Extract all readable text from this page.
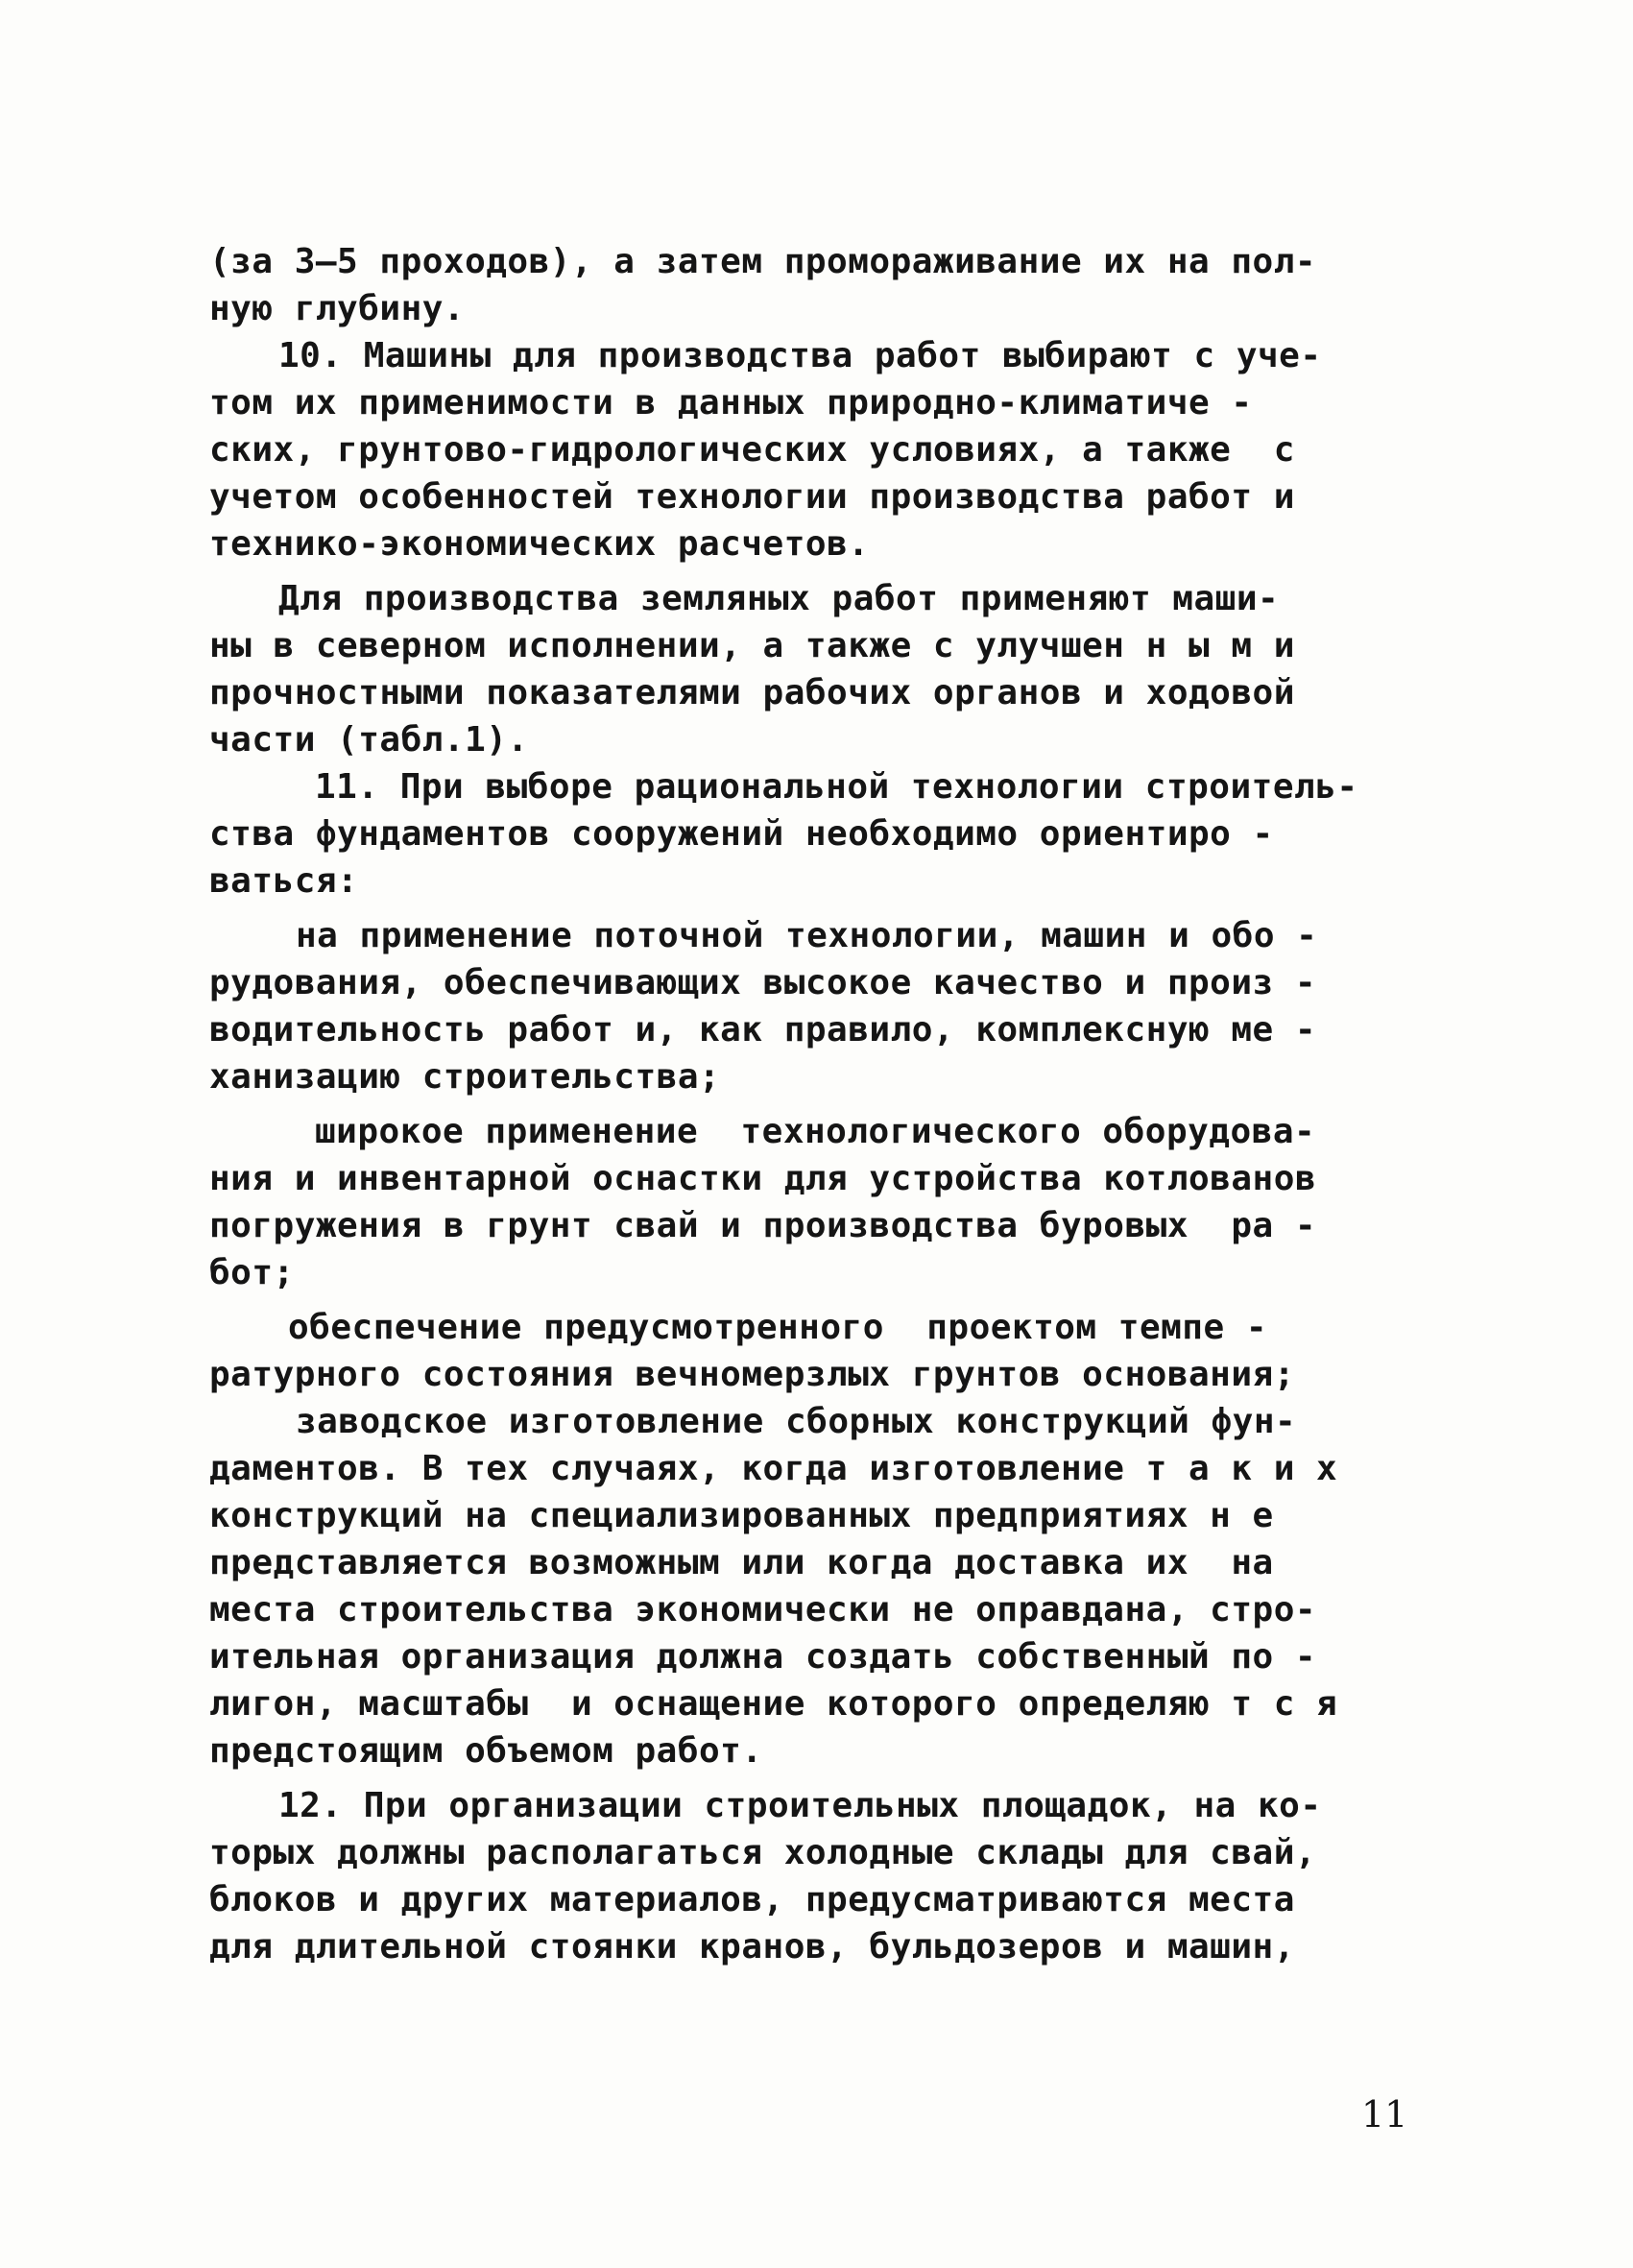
(за 3—5 проходов), а затем промораживание их на пол-
ную глубину.
10. Машины для производства работ выбирают с уче-
том их применимости в данных природно-климатиче -
ских, грунтово-гидрологических условиях, а также  с
учетом особенностей технологии производства работ и
технико-экономических расчетов.
Для производства земляных работ применяют маши-
ны в северном исполнении, а также с улучшен н ы м и
прочностными показателями рабочих органов и ходовой
части (табл.1).
11. При выборе рациональной технологии строитель-
ства фундаментов сооружений необходимо ориентиро -
ваться:
на применение поточной технологии, машин и обо -
рудования, обеспечивающих высокое качество и произ -
водительность работ и, как правило, комплексную ме -
ханизацию строительства;
широкое применение  технологического оборудова-
ния и инвентарной оснастки для устройства котлованов
погружения в грунт свай и производства буровых  ра -
бот;
обеспечение предусмотренного  проектом темпе -
ратурного состояния вечномерзлых грунтов основания;
заводское изготовление сборных конструкций фун-
даментов. В тех случаях, когда изготовление т а к и х
конструкций на специализированных предприятиях н е
представляется возможным или когда доставка их  на
места строительства экономически не оправдана, стро-
ительная организация должна создать собственный по -
лигон, масштабы  и оснащение которого определяю т с я
предстоящим объемом работ.
12. При организации строительных площадок, на ко-
торых должны располагаться холодные склады для свай,
блоков и других материалов, предусматриваются места
для длительной стоянки кранов, бульдозеров и машин,
11
